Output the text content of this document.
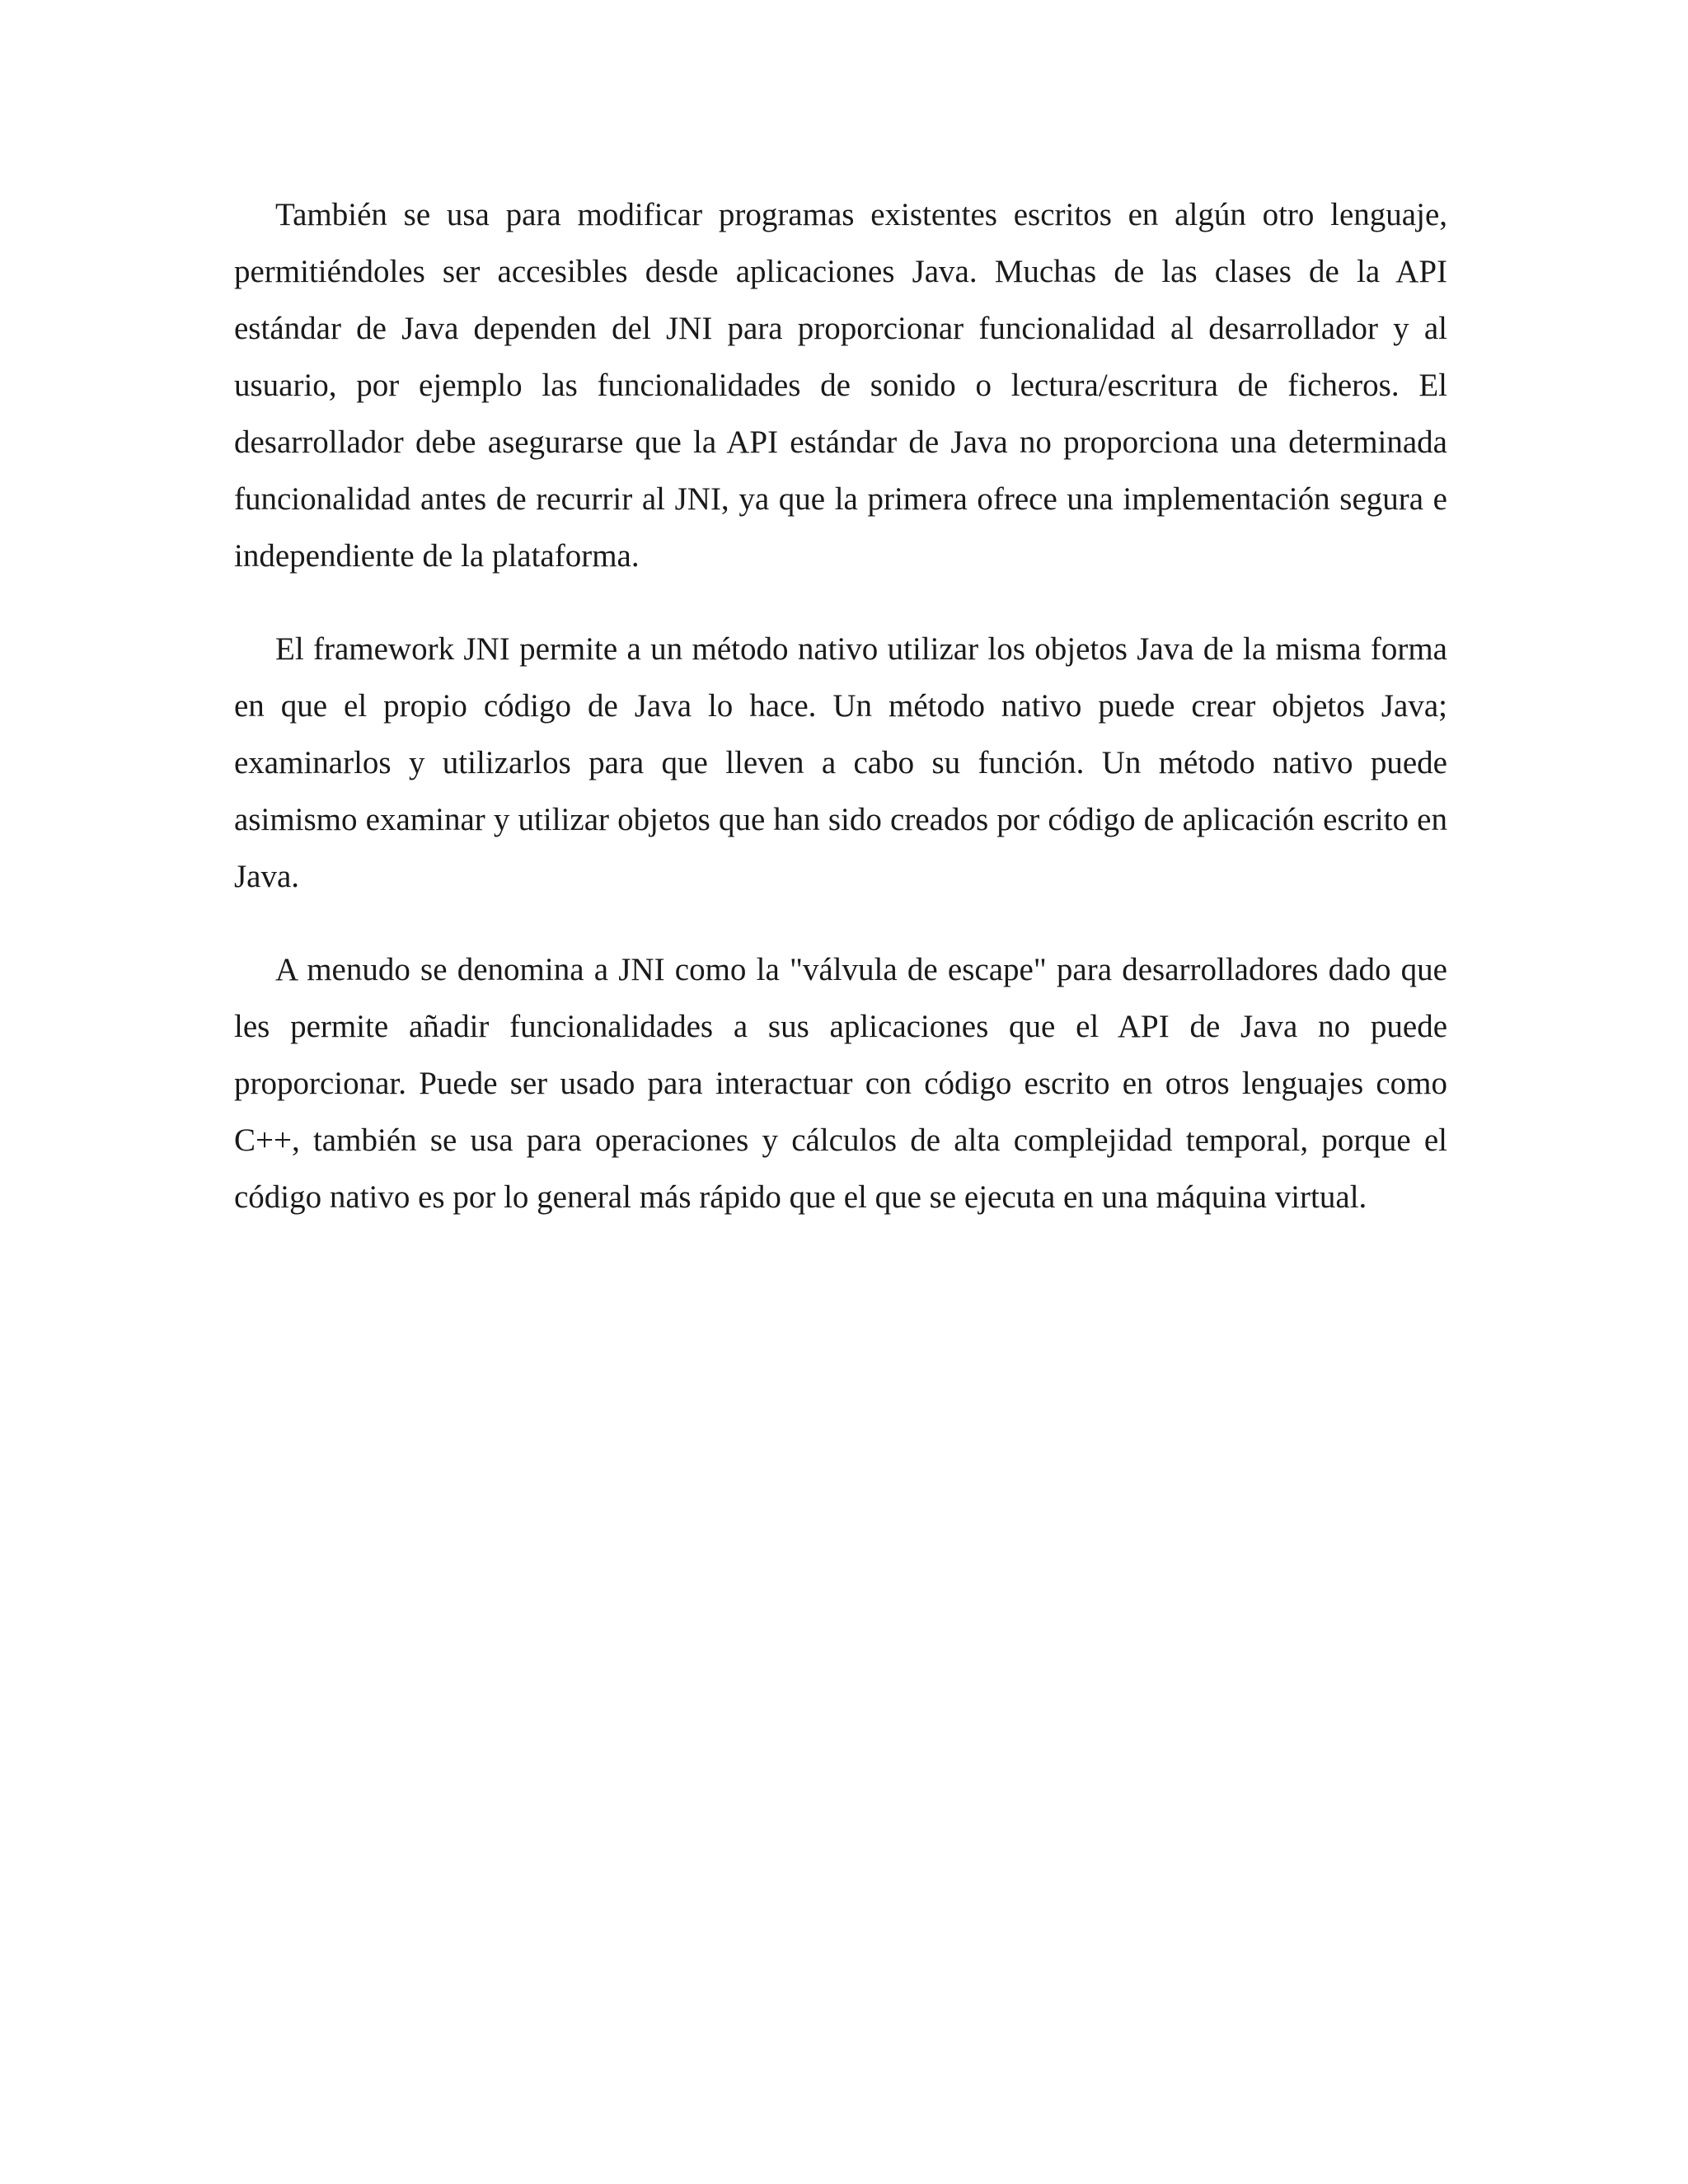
También se usa para modificar programas existentes escritos en algún otro lenguaje, permitiéndoles ser accesibles desde aplicaciones Java. Muchas de las clases de la API estándar de Java dependen del JNI para proporcionar funcionalidad al desarrollador y al usuario, por ejemplo las funcionalidades de sonido o lectura/escritura de ficheros. El desarrollador debe asegurarse que la API estándar de Java no proporciona una determinada funcionalidad antes de recurrir al JNI, ya que la primera ofrece una implementación segura e independiente de la plataforma.

El framework JNI permite a un método nativo utilizar los objetos Java de la misma forma en que el propio código de Java lo hace. Un método nativo puede crear objetos Java; examinarlos y utilizarlos para que lleven a cabo su función. Un método nativo puede asimismo examinar y utilizar objetos que han sido creados por código de aplicación escrito en Java.

A menudo se denomina a JNI como la "válvula de escape" para desarrolladores dado que les permite añadir funcionalidades a sus aplicaciones que el API de Java no puede proporcionar. Puede ser usado para interactuar con código escrito en otros lenguajes como C++, también se usa para operaciones y cálculos de alta complejidad temporal, porque el código nativo es por lo general más rápido que el que se ejecuta en una máquina virtual.
